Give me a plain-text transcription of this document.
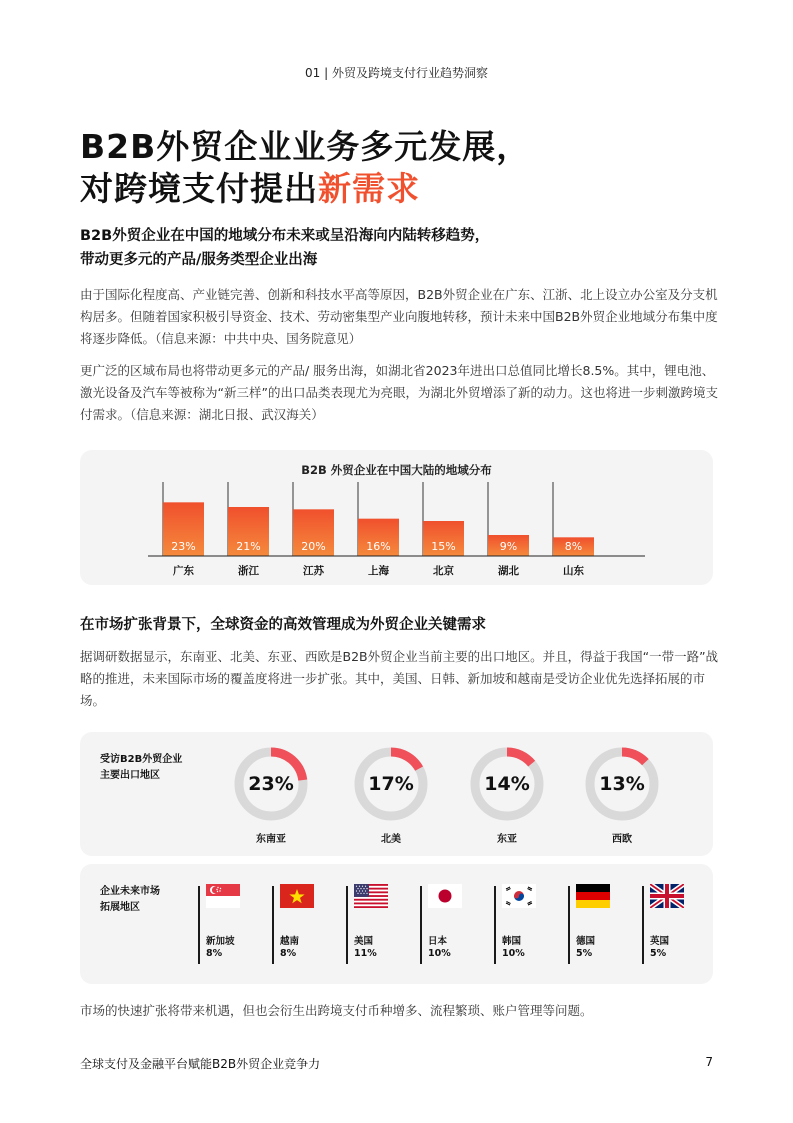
01 | 外贸及跨境支付行业趋势洞察
B2B外贸企业业务多元发展，
对跨境支付提出新需求
B2B外贸企业在中国的地域分布未来或呈沿海向内陆转移趋势，
带动更多元的产品/服务类型企业出海
由于国际化程度高、产业链完善、创新和科技水平高等原因，B2B外贸企业在广东、江浙、北上设立办公室及分支机构居多。但随着国家积极引导资金、技术、劳动密集型产业向腹地转移，预计未来中国B2B外贸企业地域分布集中度将逐步降低。（信息来源：中共中央、国务院意见）
更广泛的区域布局也将带动更多元的产品/ 服务出海，如湖北省2023年进出口总值同比增长8.5%。其中，锂电池、激光设备及汽车等被称为“新三样”的出口品类表现尤为亮眼，为湖北外贸增添了新的动力。这也将进一步刺激跨境支付需求。（信息来源：湖北日报、武汉海关）
B2B 外贸企业在中国大陆的地域分布
23%	21%	20%	16%	15%	9%	8%
广东	浙江	江苏	上海	北京	湖北	山东
在市场扩张背景下，全球资金的高效管理成为外贸企业关键需求
据调研数据显示，东南亚、北美、东亚、西欧是B2B外贸企业当前主要的出口地区。并且，得益于我国“一带一路”战略的推进，未来国际市场的覆盖度将进一步扩张。其中，美国、日韩、新加坡和越南是受访企业优先选择拓展的市场。
受访B2B外贸企业
主要出口地区	23%
东南亚
17%
北美
14%
东亚
13%
西欧
企业未来市场
拓展地区
新加坡
8%
越南
8%
美国
11%
日本
10%
韩国
10%
德国
5%
英国
5%
市场的快速扩张将带来机遇，但也会衍生出跨境支付币种增多、流程繁琐、账户管理等问题。
全球支付及金融平台赋能B2B外贸企业竞争力	7
